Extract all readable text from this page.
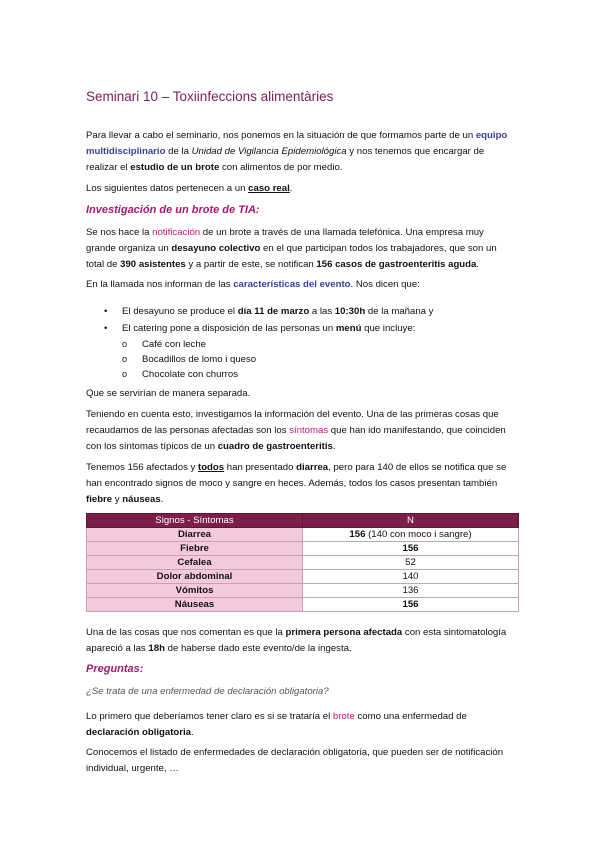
Seminari 10 – Toxiinfeccions alimentàries
Para llevar a cabo el seminario, nos ponemos en la situación de que formamos parte de un equipo multidisciplinario de la Unidad de Vigilancia Epidemiológica y nos tenemos que encargar de realizar el estudio de un brote con alimentos de por medio.
Los siguientes datos pertenecen a un caso real.
Investigación de un brote de TIA:
Se nos hace la notificación de un brote a través de una llamada telefónica. Una empresa muy grande organiza un desayuno colectivo en el que participan todos los trabajadores, que son un total de 390 asistentes y a partir de este, se notifican 156 casos de gastroenteritis aguda.
En la llamada nos informan de las características del evento. Nos dicen que:
• El desayuno se produce el día 11 de marzo a las 10:30h de la mañana y
• El catering pone a disposición de las personas un menú que incluye:
o Café con leche
o Bocadillos de lomo i queso
o Chocolate con churros
Que se servirían de manera separada.
Teniendo en cuenta esto, investigamos la información del evento. Una de las primeras cosas que recaudamos de las personas afectadas son los síntomas que han ido manifestando, que coinciden con los síntomas típicos de un cuadro de gastroenteritis.
Tenemos 156 afectados y todos han presentado diarrea, pero para 140 de ellos se notifica que se han encontrado signos de moco y sangre en heces. Además, todos los casos presentan también fiebre y náuseas.
Signos - Síntomas	N
Diarrea	156 (140 con moco i sangre)
Fiebre	156
Cefalea	52
Dolor abdominal	140
Vómitos	136
Náuseas	156
Una de las cosas que nos comentan es que la primera persona afectada con esta sintomatología apareció a las 18h de haberse dado este evento/de la ingesta.
Preguntas:
¿Se trata de una enfermedad de declaración obligatoria?
Lo primero que deberíamos tener claro es si se trataría el brote como una enfermedad de declaración obligatoria.
Conocemos el listado de enfermedades de declaración obligatoria, que pueden ser de notificación individual, urgente, …
